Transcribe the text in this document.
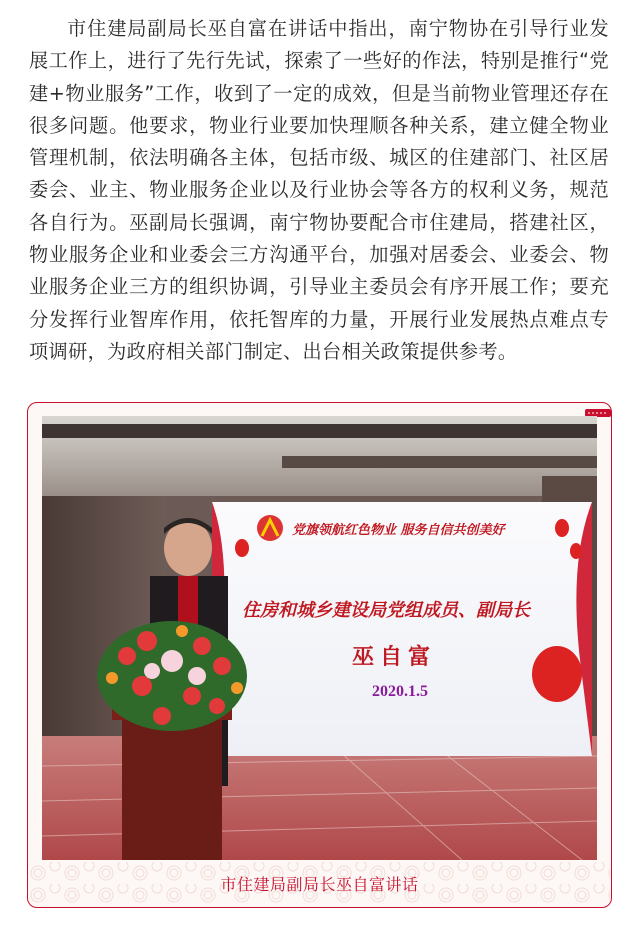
市住建局副局长巫自富在讲话中指出，南宁物协在引导行业发展工作上，进行了先行先试，探索了一些好的作法，特别是推行“党建+物业服务”工作，收到了一定的成效，但是当前物业管理还存在很多问题。他要求，物业行业要加快理顺各种关系，建立健全物业管理机制，依法明确各主体，包括市级、城区的住建部门、社区居委会、业主、物业服务企业以及行业协会等各方的权利义务，规范各自行为。巫副局长强调，南宁物协要配合市住建局，搭建社区，物业服务企业和业委会三方沟通平台，加强对居委会、业委会、物业服务企业三方的组织协调，引导业主委员会有序开展工作；要充分发挥行业智库作用，依托智库的力量，开展行业发展热点难点专项调研，为政府相关部门制定、出台相关政策提供参考。

党旗领航红色物业 服务自信共创美好
住房和城乡建设局党组成员、副局长
巫自富
2020.1.5
市住建局副局长巫自富讲话
